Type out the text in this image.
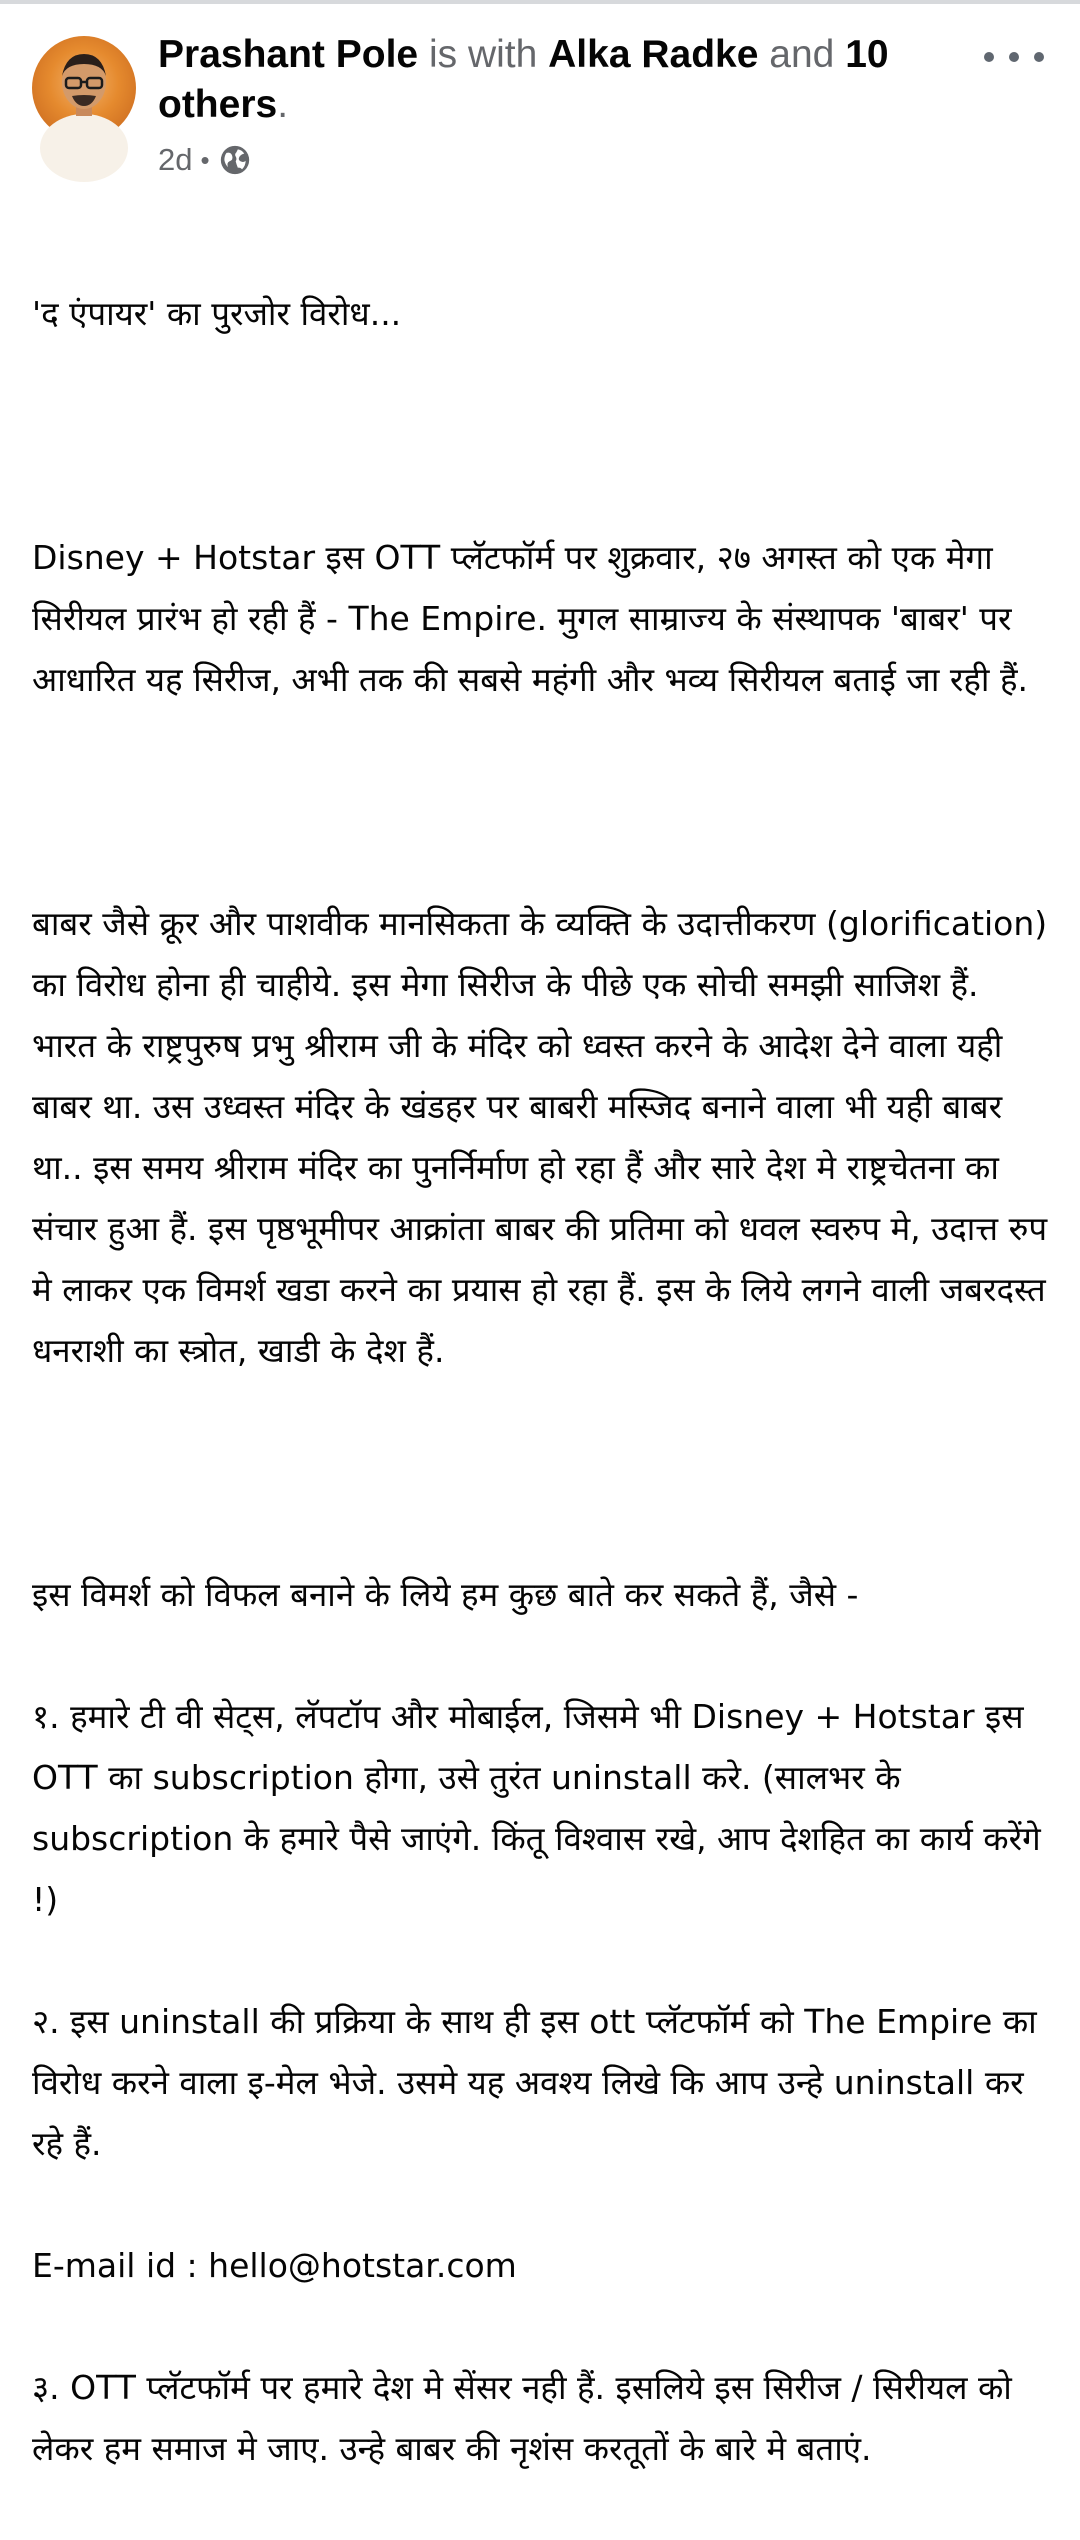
Prashant Pole is with Alka Radke and 10 others.
2d •

'द एंपायर' का पुरजोर विरोध...

Disney + Hotstar इस OTT प्लॅटफॉर्म पर शुक्रवार, २७ अगस्त को एक मेगा सिरीयल प्रारंभ हो रही हैं - The Empire. मुगल साम्राज्य के संस्थापक 'बाबर' पर आधारित यह सिरीज, अभी तक की सबसे महंगी और भव्य सिरीयल बताई जा रही हैं.

बाबर जैसे क्रूर और पाशवीक मानसिकता के व्यक्ति के उदात्तीकरण (glorification) का विरोध होना ही चाहीये. इस मेगा सिरीज के पीछे एक सोची समझी साजिश हैं. भारत के राष्ट्रपुरुष प्रभु श्रीराम जी के मंदिर को ध्वस्त करने के आदेश देने वाला यही बाबर था. उस उध्वस्त मंदिर के खंडहर पर बाबरी मस्जिद बनाने वाला भी यही बाबर था.. इस समय श्रीराम मंदिर का पुनर्निर्माण हो रहा हैं और सारे देश मे राष्ट्रचेतना का संचार हुआ हैं. इस पृष्ठभूमीपर आक्रांता बाबर की प्रतिमा को धवल स्वरुप मे, उदात्त रुप मे लाकर एक विमर्श खडा करने का प्रयास हो रहा हैं. इस के लिये लगने वाली जबरदस्त धनराशी का स्त्रोत, खाडी के देश हैं.

इस विमर्श को विफल बनाने के लिये हम कुछ बाते कर सकते हैं, जैसे -

१. हमारे टी वी सेट्स, लॅपटॉप और मोबाईल, जिसमे भी Disney + Hotstar इस OTT का subscription होगा, उसे तुरंत uninstall करे. (सालभर के subscription के हमारे पैसे जाएंगे. किंतू विश्वास रखे, आप देशहित का कार्य करेंगे !)

२. इस uninstall की प्रक्रिया के साथ ही इस ott प्लॅटफॉर्म को The Empire का विरोध करने वाला इ-मेल भेजे. उसमे यह अवश्य लिखे कि आप उन्हे uninstall कर रहे हैं.

E-mail id : hello@hotstar.com

३. OTT प्लॅटफॉर्म पर हमारे देश मे सेंसर नही हैं. इसलिये इस सिरीज / सिरीयल को लेकर हम समाज मे जाए. उन्हे बाबर की नृशंस करतूतों के बारे मे बताएं.
